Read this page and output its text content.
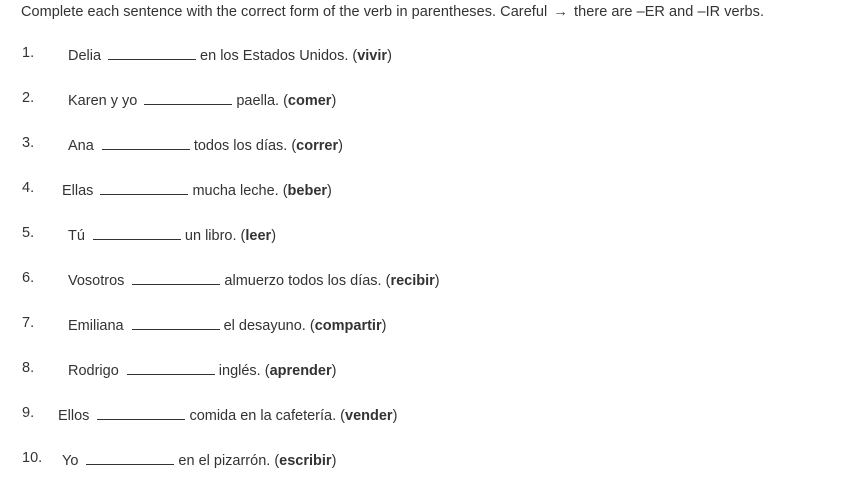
Complete each sentence with the correct form of the verb in parentheses. Careful → there are –ER and –IR verbs.
1. Delia	en los Estados Unidos. (vivir)
2. Karen y yo	paella. (comer)
3. Ana	todos los días. (correr)
4. Ellas	mucha leche. (beber)
5. Tú	un libro. (leer)
6. Vosotros	almuerzo todos los días. (recibir)
7. Emiliana	el desayuno. (compartir)
8. Rodrigo	inglés. (aprender)
9. Ellos	comida en la cafetería. (vender)
10. Yo	en el pizarrón. (escribir)
